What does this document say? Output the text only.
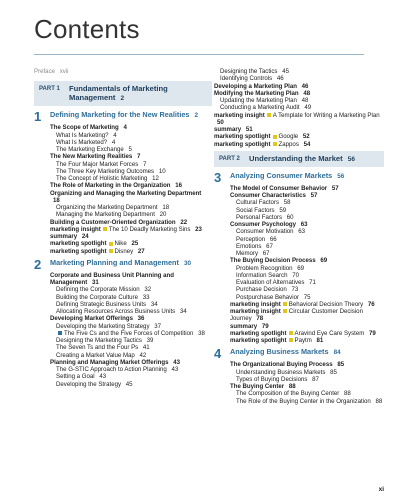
Contents
Preface xvii
PART 1	Fundamentals of Marketing Management 2
1	Defining Marketing for the New Realities 2
The Scope of Marketing 4
What Is Marketing? 4
What Is Marketed? 4
The Marketing Exchange 5
The New Marketing Realities 7
The Four Major Market Forces 7
The Three Key Marketing Outcomes 10
The Concept of Holistic Marketing 12
The Role of Marketing in the Organization 16
Organizing and Managing the Marketing Department 18
Organizing the Marketing Department 18
Managing the Marketing Department 20
Building a Customer-Oriented Organization 22
marketing insight The 10 Deadly Marketing Sins 23
summary 24
marketing spotlight Nike 25
marketing spotlight Disney 27
2	Marketing Planning and Management 30
Corporate and Business Unit Planning and Management 31
Defining the Corporate Mission 32
Building the Corporate Culture 33
Defining Strategic Business Units 34
Allocating Resources Across Business Units 34
Developing Market Offerings 36
Developing the Marketing Strategy 37
The Five Cs and the Five Forces of Competition 38
Designing the Marketing Tactics 39
The Seven Ts and the Four Ps 41
Creating a Market Value Map 42
Planning and Managing Market Offerings 43
The G-STIC Approach to Action Planning 43
Setting a Goal 43
Developing the Strategy 45
Designing the Tactics 45
Identifying Controls 46
Developing a Marketing Plan 46
Modifying the Marketing Plan 48
Updating the Marketing Plan 48
Conducting a Marketing Audit 49
marketing insight A Template for Writing a Marketing Plan 50
summary 51
marketing spotlight Google 52
marketing spotlight Zappos 54
PART 2	Understanding the Market 56
3	Analyzing Consumer Markets 56
The Model of Consumer Behavior 57
Consumer Characteristics 57
Cultural Factors 58
Social Factors 59
Personal Factors 60
Consumer Psychology 63
Consumer Motivation 63
Perception 66
Emotions 67
Memory 67
The Buying Decision Process 69
Problem Recognition 69
Information Search 70
Evaluation of Alternatives 71
Purchase Decision 73
Postpurchase Behavior 75
marketing insight Behavioral Decision Theory 76
marketing insight Circular Customer Decision Journey 78
summary 79
marketing spotlight Aravind Eye Care System 79
marketing spotlight Paytm 81
4	Analyzing Business Markets 84
The Organizational Buying Process 85
Understanding Business Markets 85
Types of Buying Decisions 87
The Buying Center 88
The Composition of the Buying Center 88
The Role of the Buying Center in the Organization 88
xi
